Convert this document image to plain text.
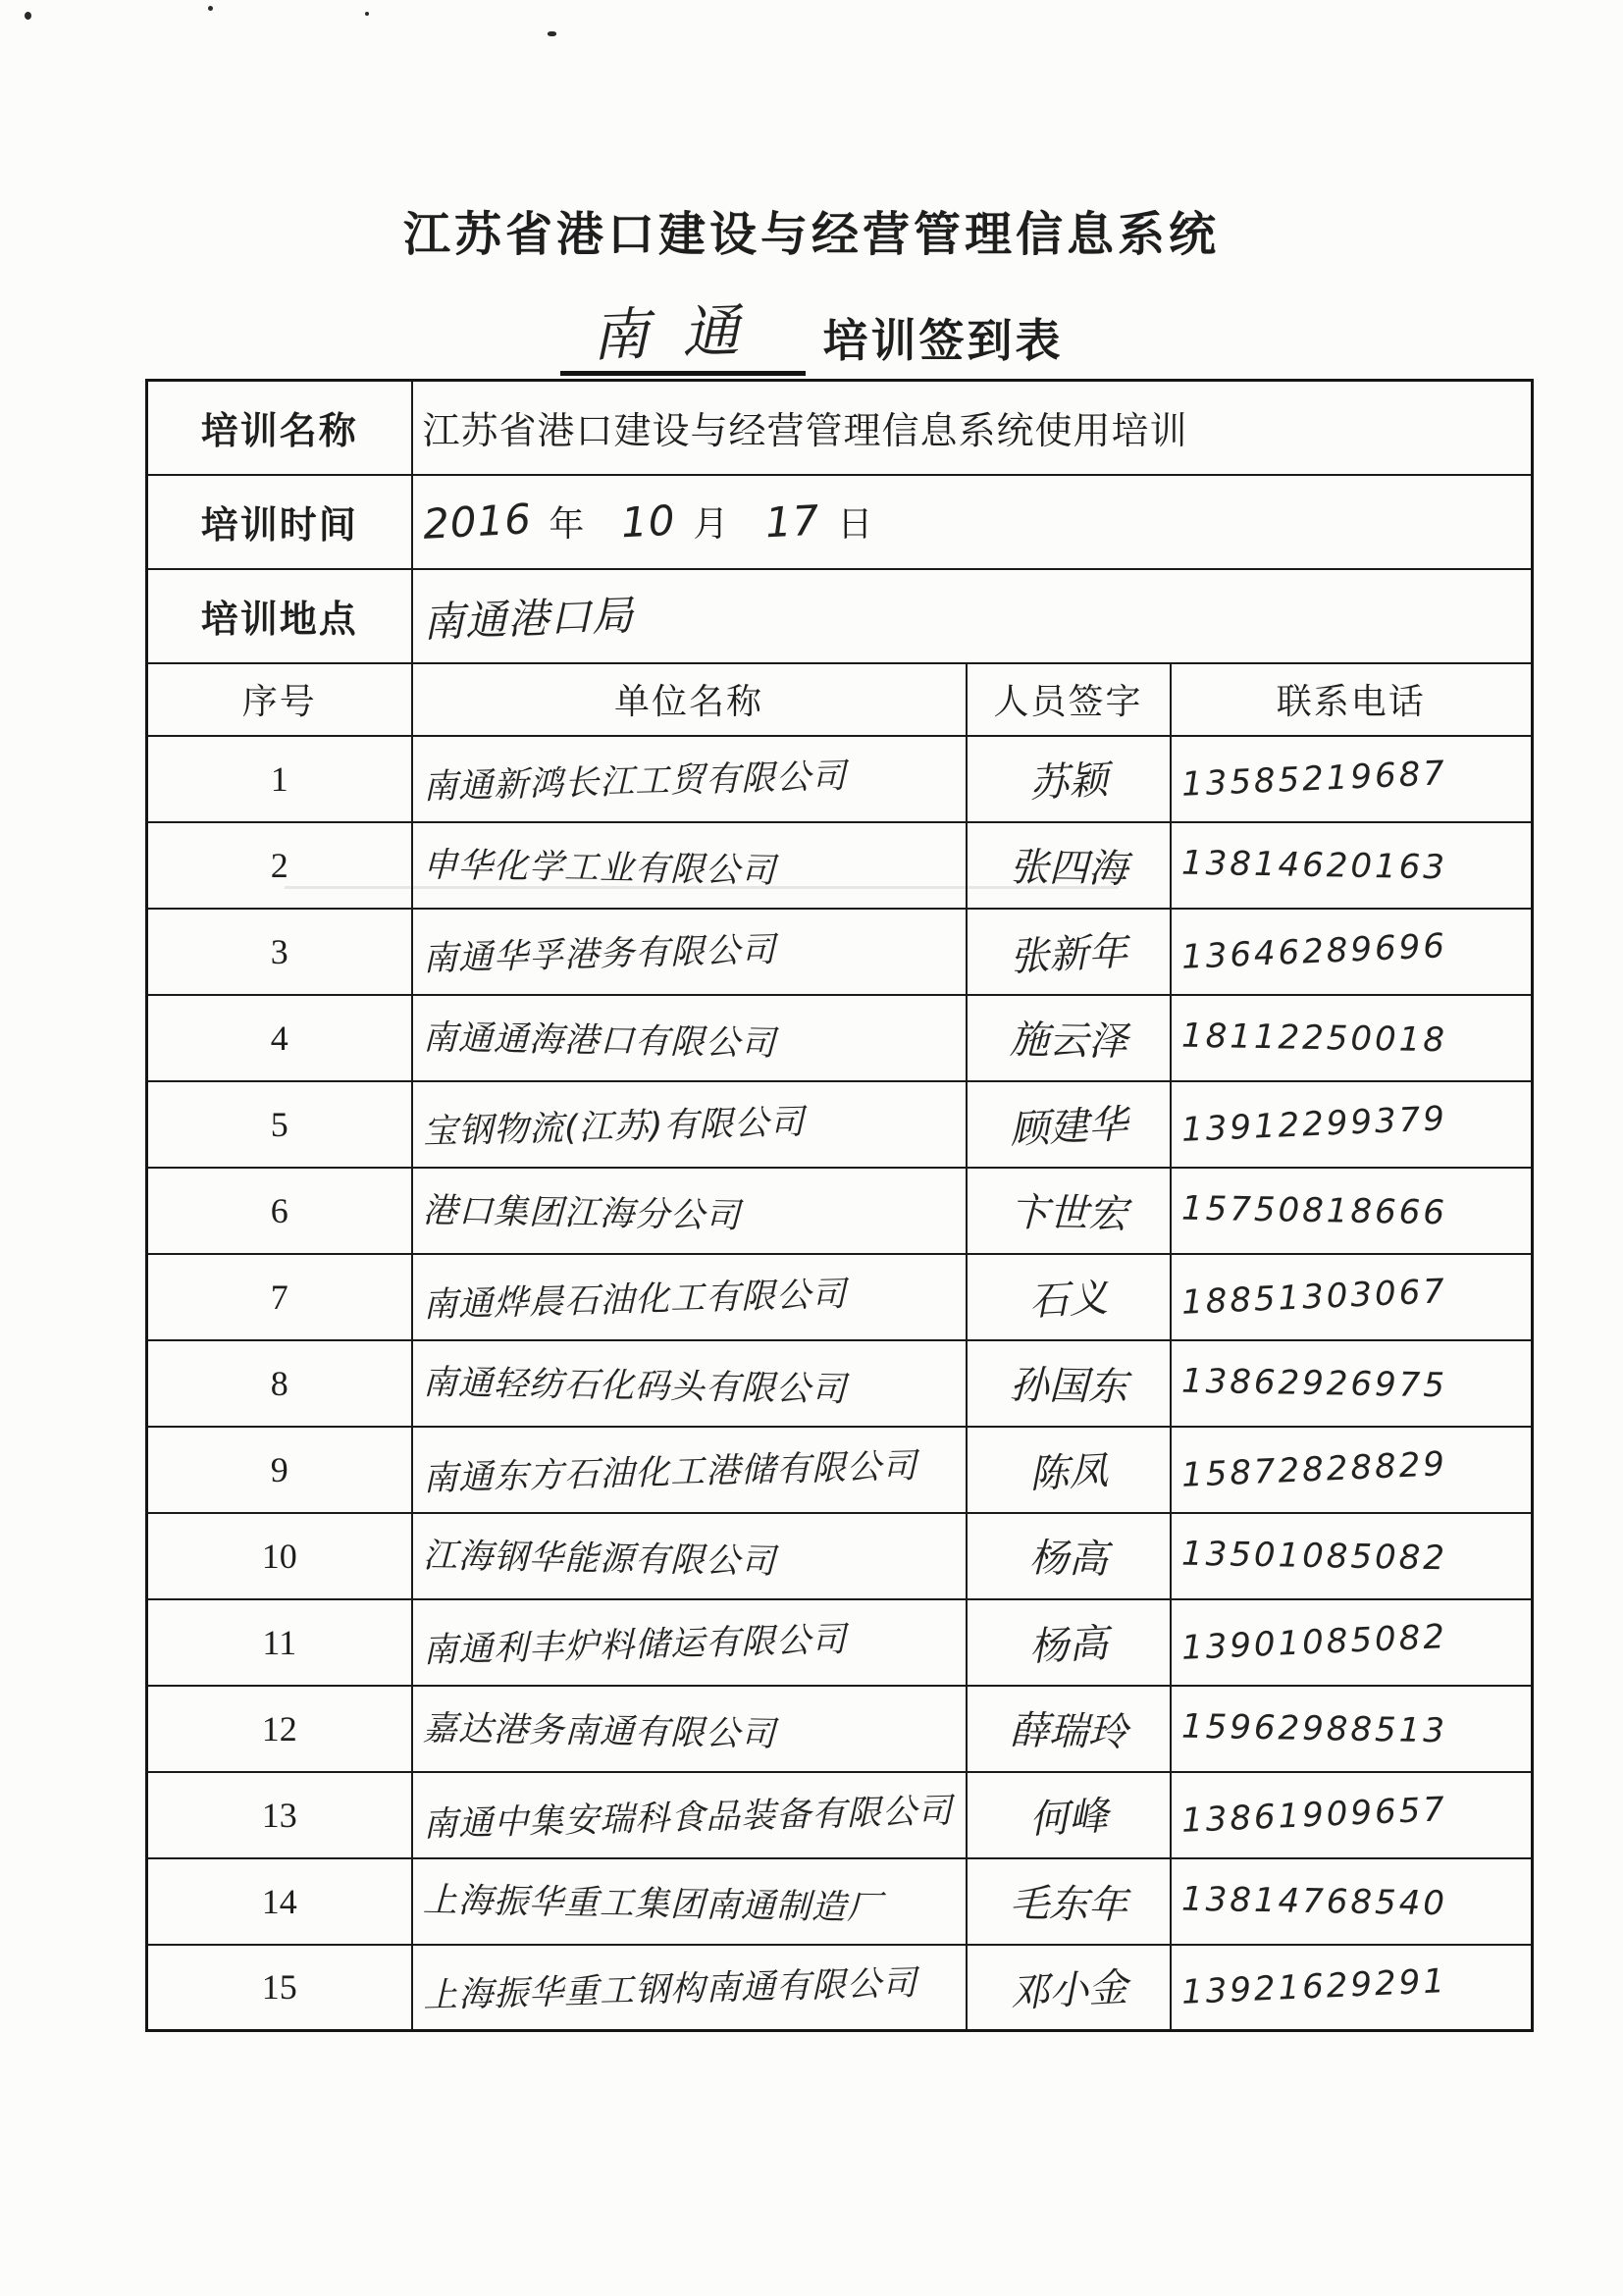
江苏省港口建设与经营管理信息系统
南通	培训签到表
培训名称	江苏省港口建设与经营管理信息系统使用培训		
培训时间	2016 年 10 月 17 日		
培训地点	南通港口局		
序号	单位名称	人员签字	联系电话
1	南通新鸿长江工贸有限公司	苏颖	13585219687
2	申华化学工业有限公司	张四海	13814620163
3	南通华孚港务有限公司	张新年	13646289696
4	南通通海港口有限公司	施云泽	18112250018
5	宝钢物流(江苏)有限公司	顾建华	13912299379
6	港口集团江海分公司	卞世宏	15750818666
7	南通烨晨石油化工有限公司	石义	18851303067
8	南通轻纺石化码头有限公司	孙国东	13862926975
9	南通东方石油化工港储有限公司	陈凤	15872828829
10	江海钢华能源有限公司	杨高	13501085082
11	南通利丰炉料储运有限公司	杨高	13901085082
12	嘉达港务南通有限公司	薛瑞玲	15962988513
13	南通中集安瑞科食品装备有限公司	何峰	13861909657
14	上海振华重工集团南通制造厂	毛东年	13814768540
15	上海振华重工钢构南通有限公司	邓小金	13921629291
